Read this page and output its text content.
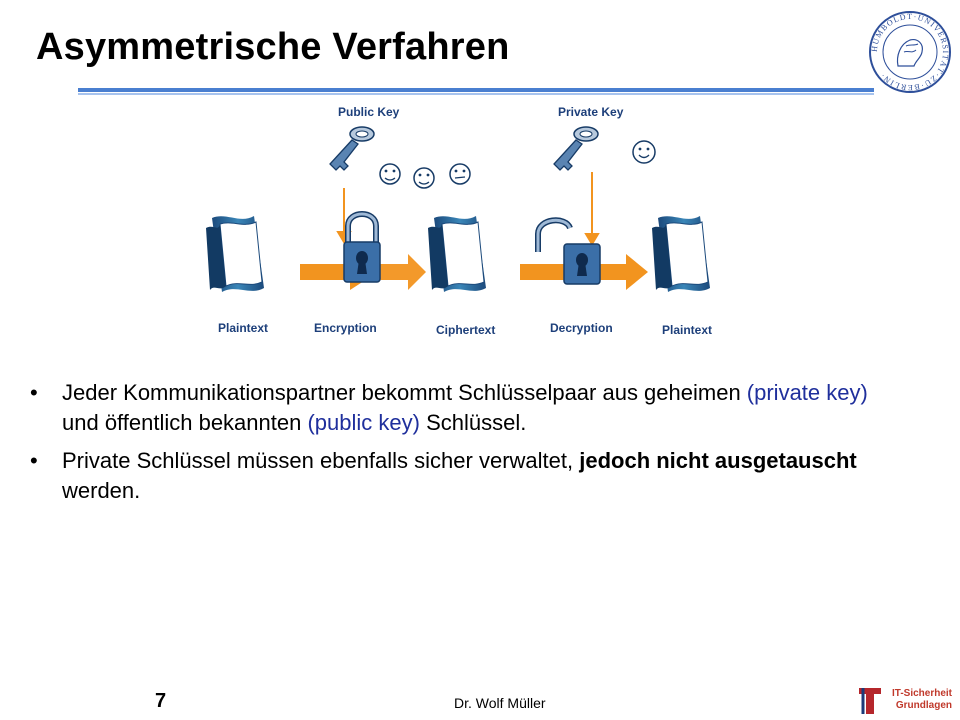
Asymmetrische Verfahren	HUMBOLDT·UNIVERSITÄT·ZU·BERLIN·
Public Key	Private Key
Plaintext	Encryption	Ciphertext	Decryption	Plaintext
• Jeder Kommunikationspartner bekommt Schlüsselpaar aus geheimen (private key) und öffentlich bekannten (public key) Schlüssel.
• Private Schlüssel müssen ebenfalls sicher verwaltet, jedoch nicht ausgetauscht werden.
7	Dr. Wolf Müller
IT-Sicherheit
Grundlagen
